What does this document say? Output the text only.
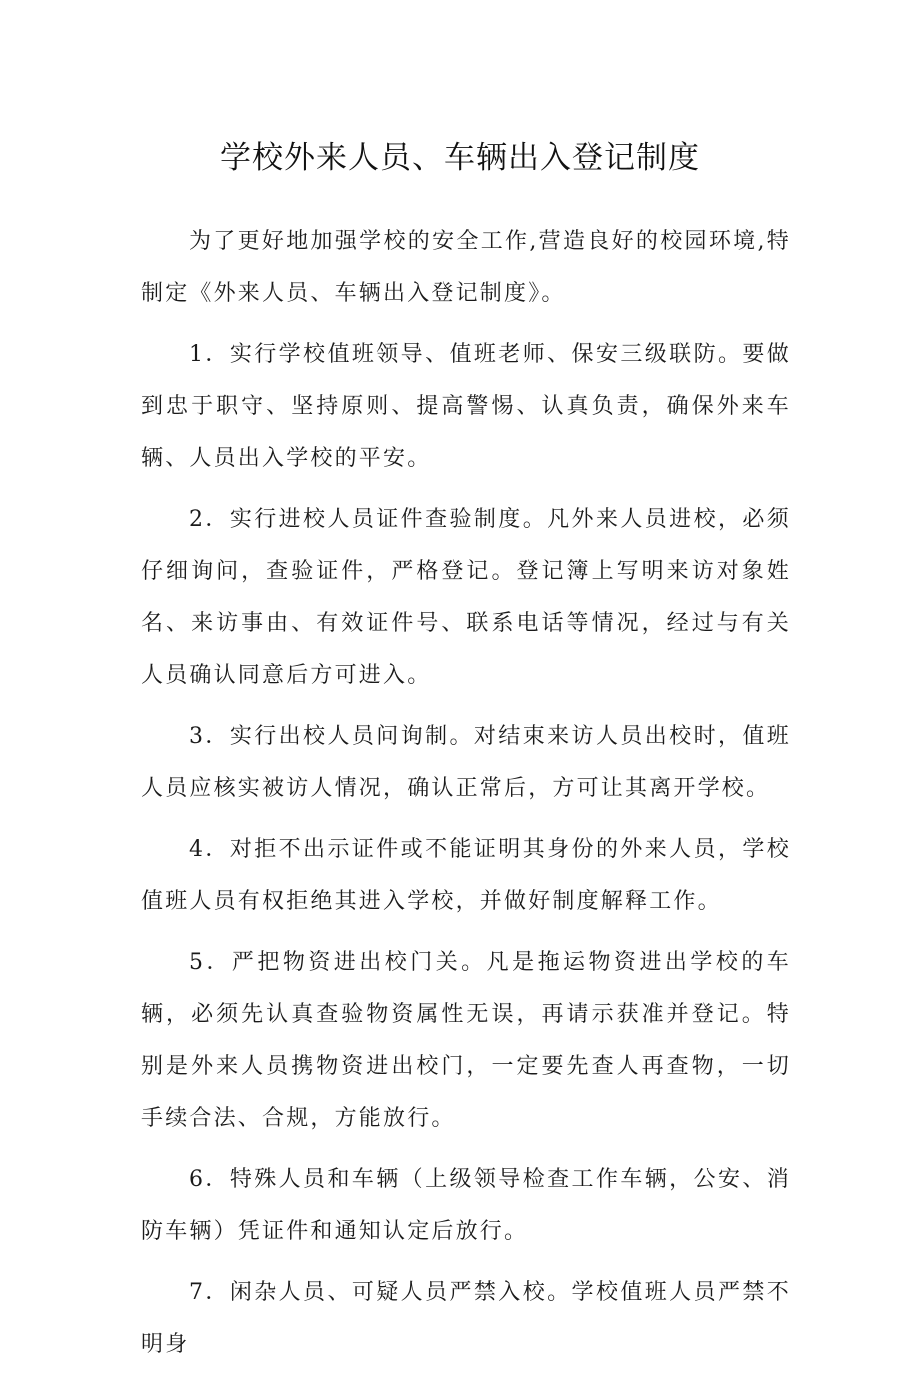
学校外来人员、车辆出入登记制度

为了更好地加强学校的安全工作,营造良好的校园环境,特制定《外来人员、车辆出入登记制度》。

1．实行学校值班领导、值班老师、保安三级联防。要做到忠于职守、坚持原则、提高警惕、认真负责，确保外来车辆、人员出入学校的平安。

2．实行进校人员证件查验制度。凡外来人员进校，必须仔细询问，查验证件，严格登记。登记簿上写明来访对象姓名、来访事由、有效证件号、联系电话等情况，经过与有关人员确认同意后方可进入。

3．实行出校人员问询制。对结束来访人员出校时，值班人员应核实被访人情况，确认正常后，方可让其离开学校。

4．对拒不出示证件或不能证明其身份的外来人员，学校值班人员有权拒绝其进入学校，并做好制度解释工作。

5．严把物资进出校门关。凡是拖运物资进出学校的车辆，必须先认真查验物资属性无误，再请示获准并登记。特别是外来人员携物资进出校门，一定要先查人再查物，一切手续合法、合规，方能放行。

6．特殊人员和车辆（上级领导检查工作车辆，公安、消防车辆）凭证件和通知认定后放行。

7．闲杂人员、可疑人员严禁入校。学校值班人员严禁不明身
